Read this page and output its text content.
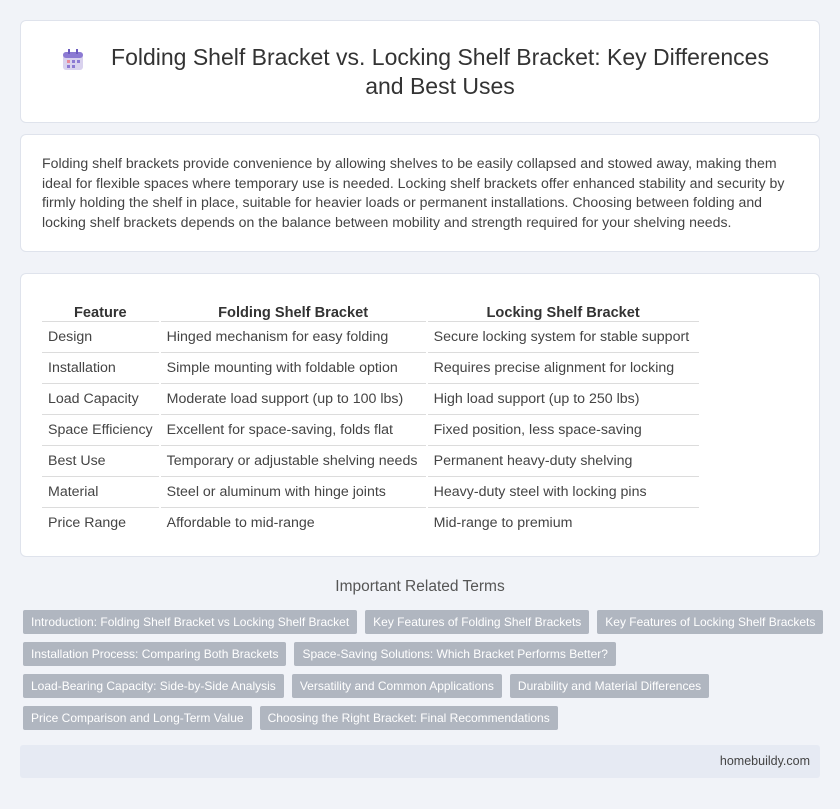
Folding Shelf Bracket vs. Locking Shelf Bracket: Key Differences and Best Uses

Folding shelf brackets provide convenience by allowing shelves to be easily collapsed and stowed away, making them ideal for flexible spaces where temporary use is needed. Locking shelf brackets offer enhanced stability and security by firmly holding the shelf in place, suitable for heavier loads or permanent installations. Choosing between folding and locking shelf brackets depends on the balance between mobility and strength required for your shelving needs.

Feature	Folding Shelf Bracket	Locking Shelf Bracket
Design	Hinged mechanism for easy folding	Secure locking system for stable support
Installation	Simple mounting with foldable option	Requires precise alignment for locking
Load Capacity	Moderate load support (up to 100 lbs)	High load support (up to 250 lbs)
Space Efficiency	Excellent for space-saving, folds flat	Fixed position, less space-saving
Best Use	Temporary or adjustable shelving needs	Permanent heavy-duty shelving
Material	Steel or aluminum with hinge joints	Heavy-duty steel with locking pins
Price Range	Affordable to mid-range	Mid-range to premium
Important Related Terms
Introduction: Folding Shelf Bracket vs Locking Shelf Bracket	Key Features of Folding Shelf Brackets	Key Features of Locking Shelf Brackets
Installation Process: Comparing Both Brackets	Space-Saving Solutions: Which Bracket Performs Better?
Load-Bearing Capacity: Side-by-Side Analysis	Versatility and Common Applications	Durability and Material Differences
Price Comparison and Long-Term Value	Choosing the Right Bracket: Final Recommendations
homebuildy.com
